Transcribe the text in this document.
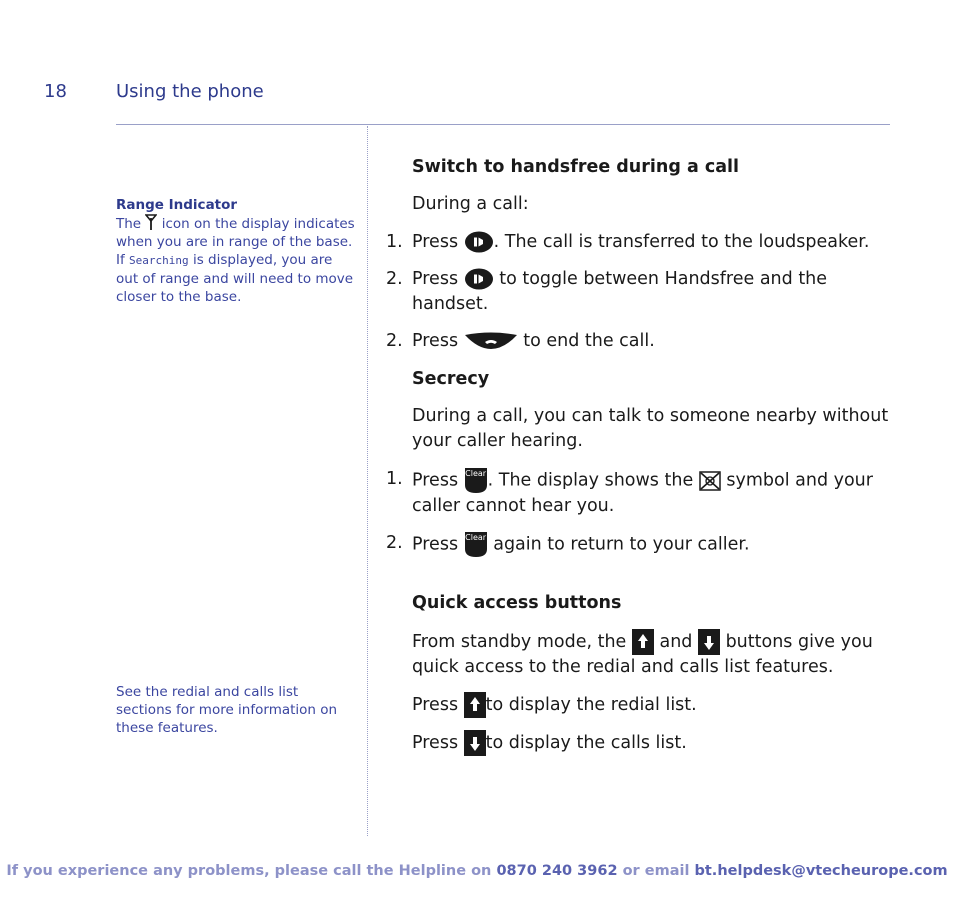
18	Using the phone
Range Indicator
The icon on the display indicates when you are in range of the base. If Searching is displayed, you are out of range and will need to move closer to the base.
See the redial and calls list sections for more information on these features.
Switch to handsfree during a call
During a call:
1. Press . The call is transferred to the loudspeaker.
2. Press to toggle between Handsfree and the handset.
2. Press	to end the call.
Secrecy
During a call, you can talk to someone nearby without your caller hearing.
1. Press Clear . The display shows the symbol and your caller cannot hear you.
2. Press Clear again to return to your caller.
Quick access buttons
From standby mode, the and buttons give you quick access to the redial and calls list features.
Press to display the redial list.
Press to display the calls list.
If you experience any problems, please call the Helpline on 0870 240 3962 or email bt.helpdesk@vtecheurope.com
